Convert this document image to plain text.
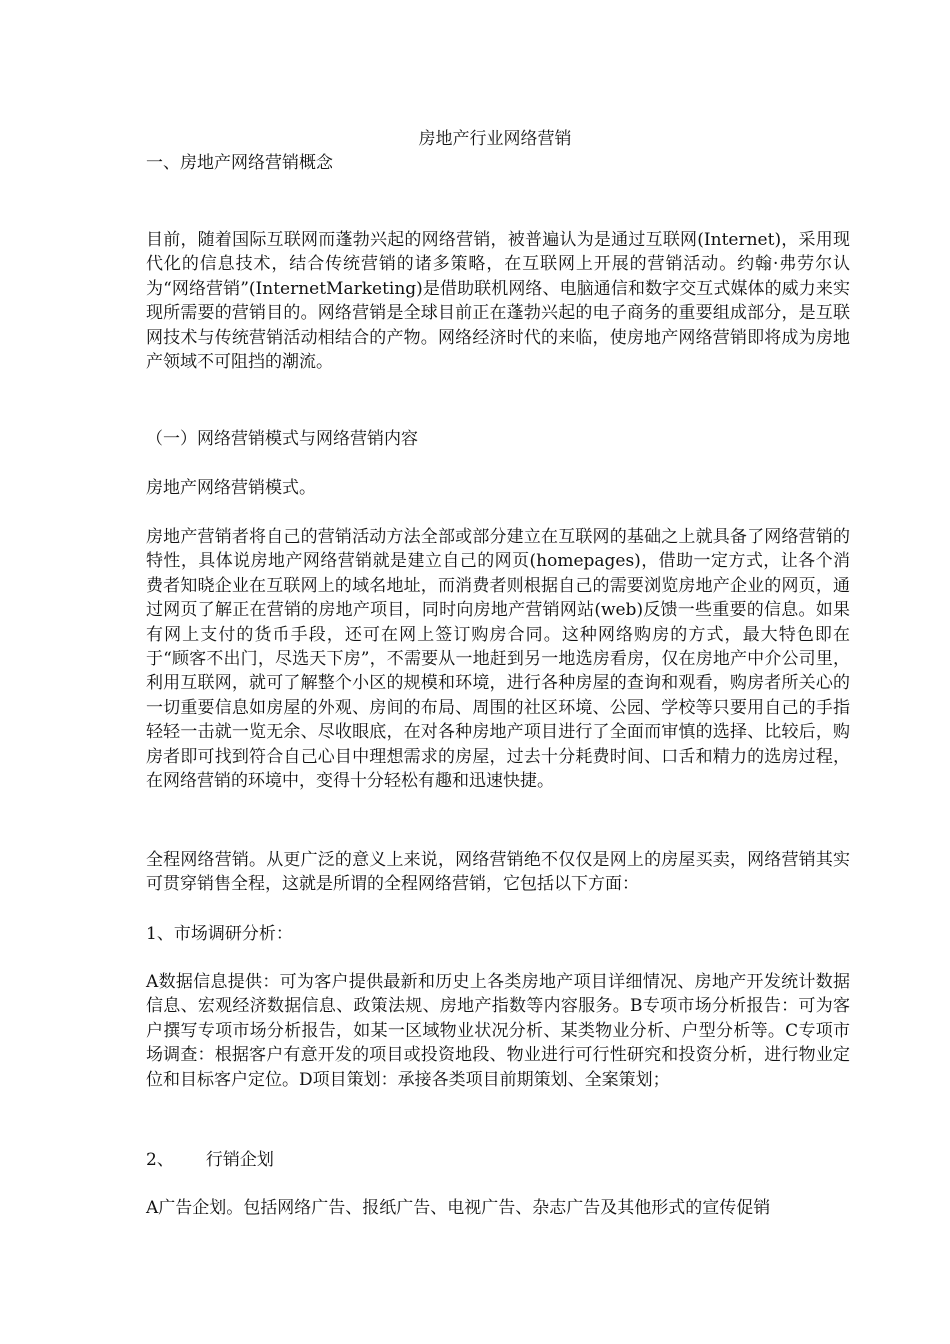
房地产行业网络营销

一、房地产网络营销概念

目前，随着国际互联网而蓬勃兴起的网络营销，被普遍认为是通过互联网(Internet)，采用现代化的信息技术，结合传统营销的诸多策略，在互联网上开展的营销活动。约翰·弗劳尔认为“网络营销”(InternetMarketing)是借助联机网络、电脑通信和数字交互式媒体的威力来实现所需要的营销目的。网络营销是全球目前正在蓬勃兴起的电子商务的重要组成部分，是互联网技术与传统营销活动相结合的产物。网络经济时代的来临，使房地产网络营销即将成为房地产领域不可阻挡的潮流。

（一）网络营销模式与网络营销内容

房地产网络营销模式。

房地产营销者将自己的营销活动方法全部或部分建立在互联网的基础之上就具备了网络营销的特性，具体说房地产网络营销就是建立自己的网页(homepages)，借助一定方式，让各个消费者知晓企业在互联网上的域名地址，而消费者则根据自己的需要浏览房地产企业的网页，通过网页了解正在营销的房地产项目，同时向房地产营销网站(web)反馈一些重要的信息。如果有网上支付的货币手段，还可在网上签订购房合同。这种网络购房的方式，最大特色即在于“顾客不出门，尽选天下房”，不需要从一地赶到另一地选房看房，仅在房地产中介公司里，利用互联网，就可了解整个小区的规模和环境，进行各种房屋的查询和观看，购房者所关心的一切重要信息如房屋的外观、房间的布局、周围的社区环境、公园、学校等只要用自己的手指轻轻一击就一览无余、尽收眼底，在对各种房地产项目进行了全面而审慎的选择、比较后，购房者即可找到符合自己心目中理想需求的房屋，过去十分耗费时间、口舌和精力的选房过程，在网络营销的环境中，变得十分轻松有趣和迅速快捷。

全程网络营销。从更广泛的意义上来说，网络营销绝不仅仅是网上的房屋买卖，网络营销其实可贯穿销售全程，这就是所谓的全程网络营销，它包括以下方面：

1、市场调研分析：

A数据信息提供：可为客户提供最新和历史上各类房地产项目详细情况、房地产开发统计数据信息、宏观经济数据信息、政策法规、房地产指数等内容服务。B专项市场分析报告：可为客户撰写专项市场分析报告，如某一区域物业状况分析、某类物业分析、户型分析等。C专项市场调查：根据客户有意开发的项目或投资地段、物业进行可行性研究和投资分析，进行物业定位和目标客户定位。D项目策划：承接各类项目前期策划、全案策划；

2、 行销企划

A广告企划。包括网络广告、报纸广告、电视广告、杂志广告及其他形式的宣传促销
